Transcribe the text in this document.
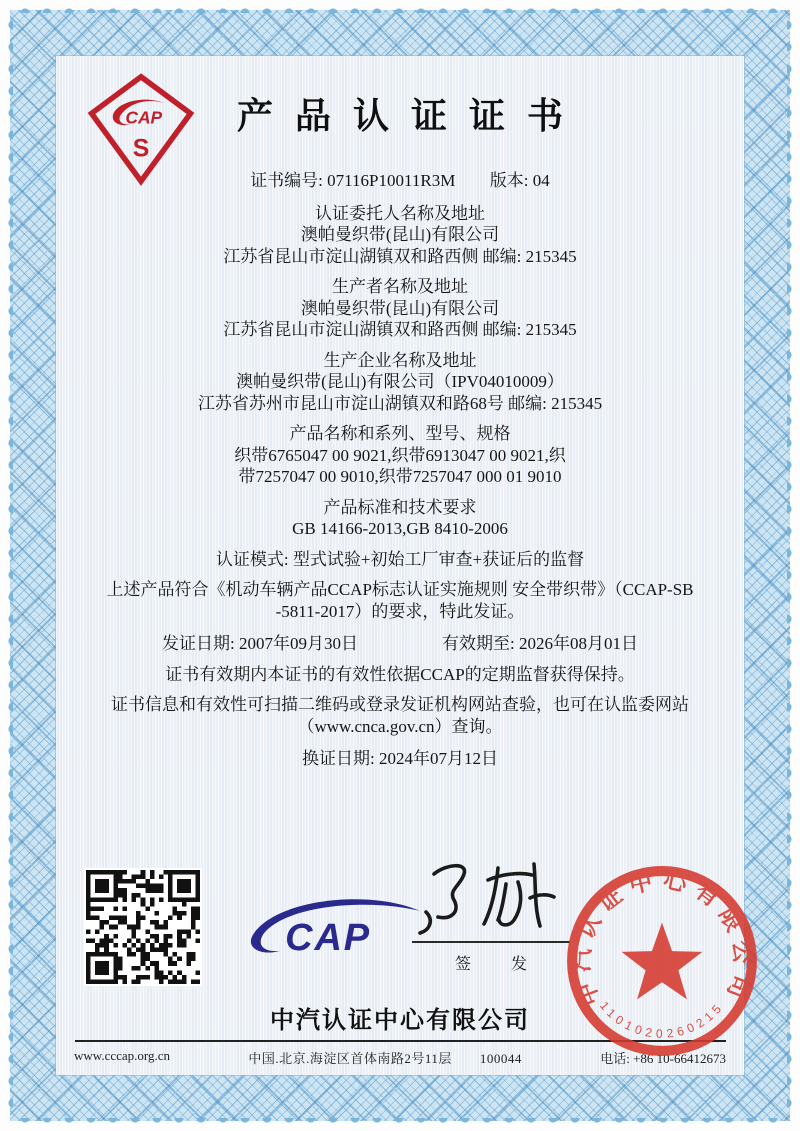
CAP
S
产品认证证书

证书编号: 07116P10011R3M 版本: 04

认证委托人名称及地址

澳帕曼织带(昆山)有限公司

江苏省昆山市淀山湖镇双和路西侧 邮编: 215345

生产者名称及地址

澳帕曼织带(昆山)有限公司

江苏省昆山市淀山湖镇双和路西侧 邮编: 215345

生产企业名称及地址

澳帕曼织带(昆山)有限公司（IPV04010009）

江苏省苏州市昆山市淀山湖镇双和路68号 邮编: 215345

产品名称和系列、型号、规格

织带6765047 00 9021,织带6913047 00 9021,织

带7257047 00 9010,织带7257047 000 01 9010

产品标准和技术要求

GB 14166-2013,GB 8410-2006

认证模式: 型式试验+初始工厂审查+获证后的监督

上述产品符合《机动车辆产品CCAP标志认证实施规则 安全带织带》（CCAP-SB

-5811-2017）的要求，特此发证。

发证日期: 2007年09月30日	有效期至: 2026年08月01日

证书有效期内本证书的有效性依据CCAP的定期监督获得保持。

证书信息和有效性可扫描二维码或登录发证机构网站查验，也可在认监委网站

（www.cnca.gov.cn）查询。

换证日期: 2024年07月12日

CAP
签 发
中汽认证中心有限公司
1101020260215
中汽认证中心有限公司
www.cccap.org.cn	中国.北京.海淀区首体南路2号11层 100044	电话: +86 10-66412673
